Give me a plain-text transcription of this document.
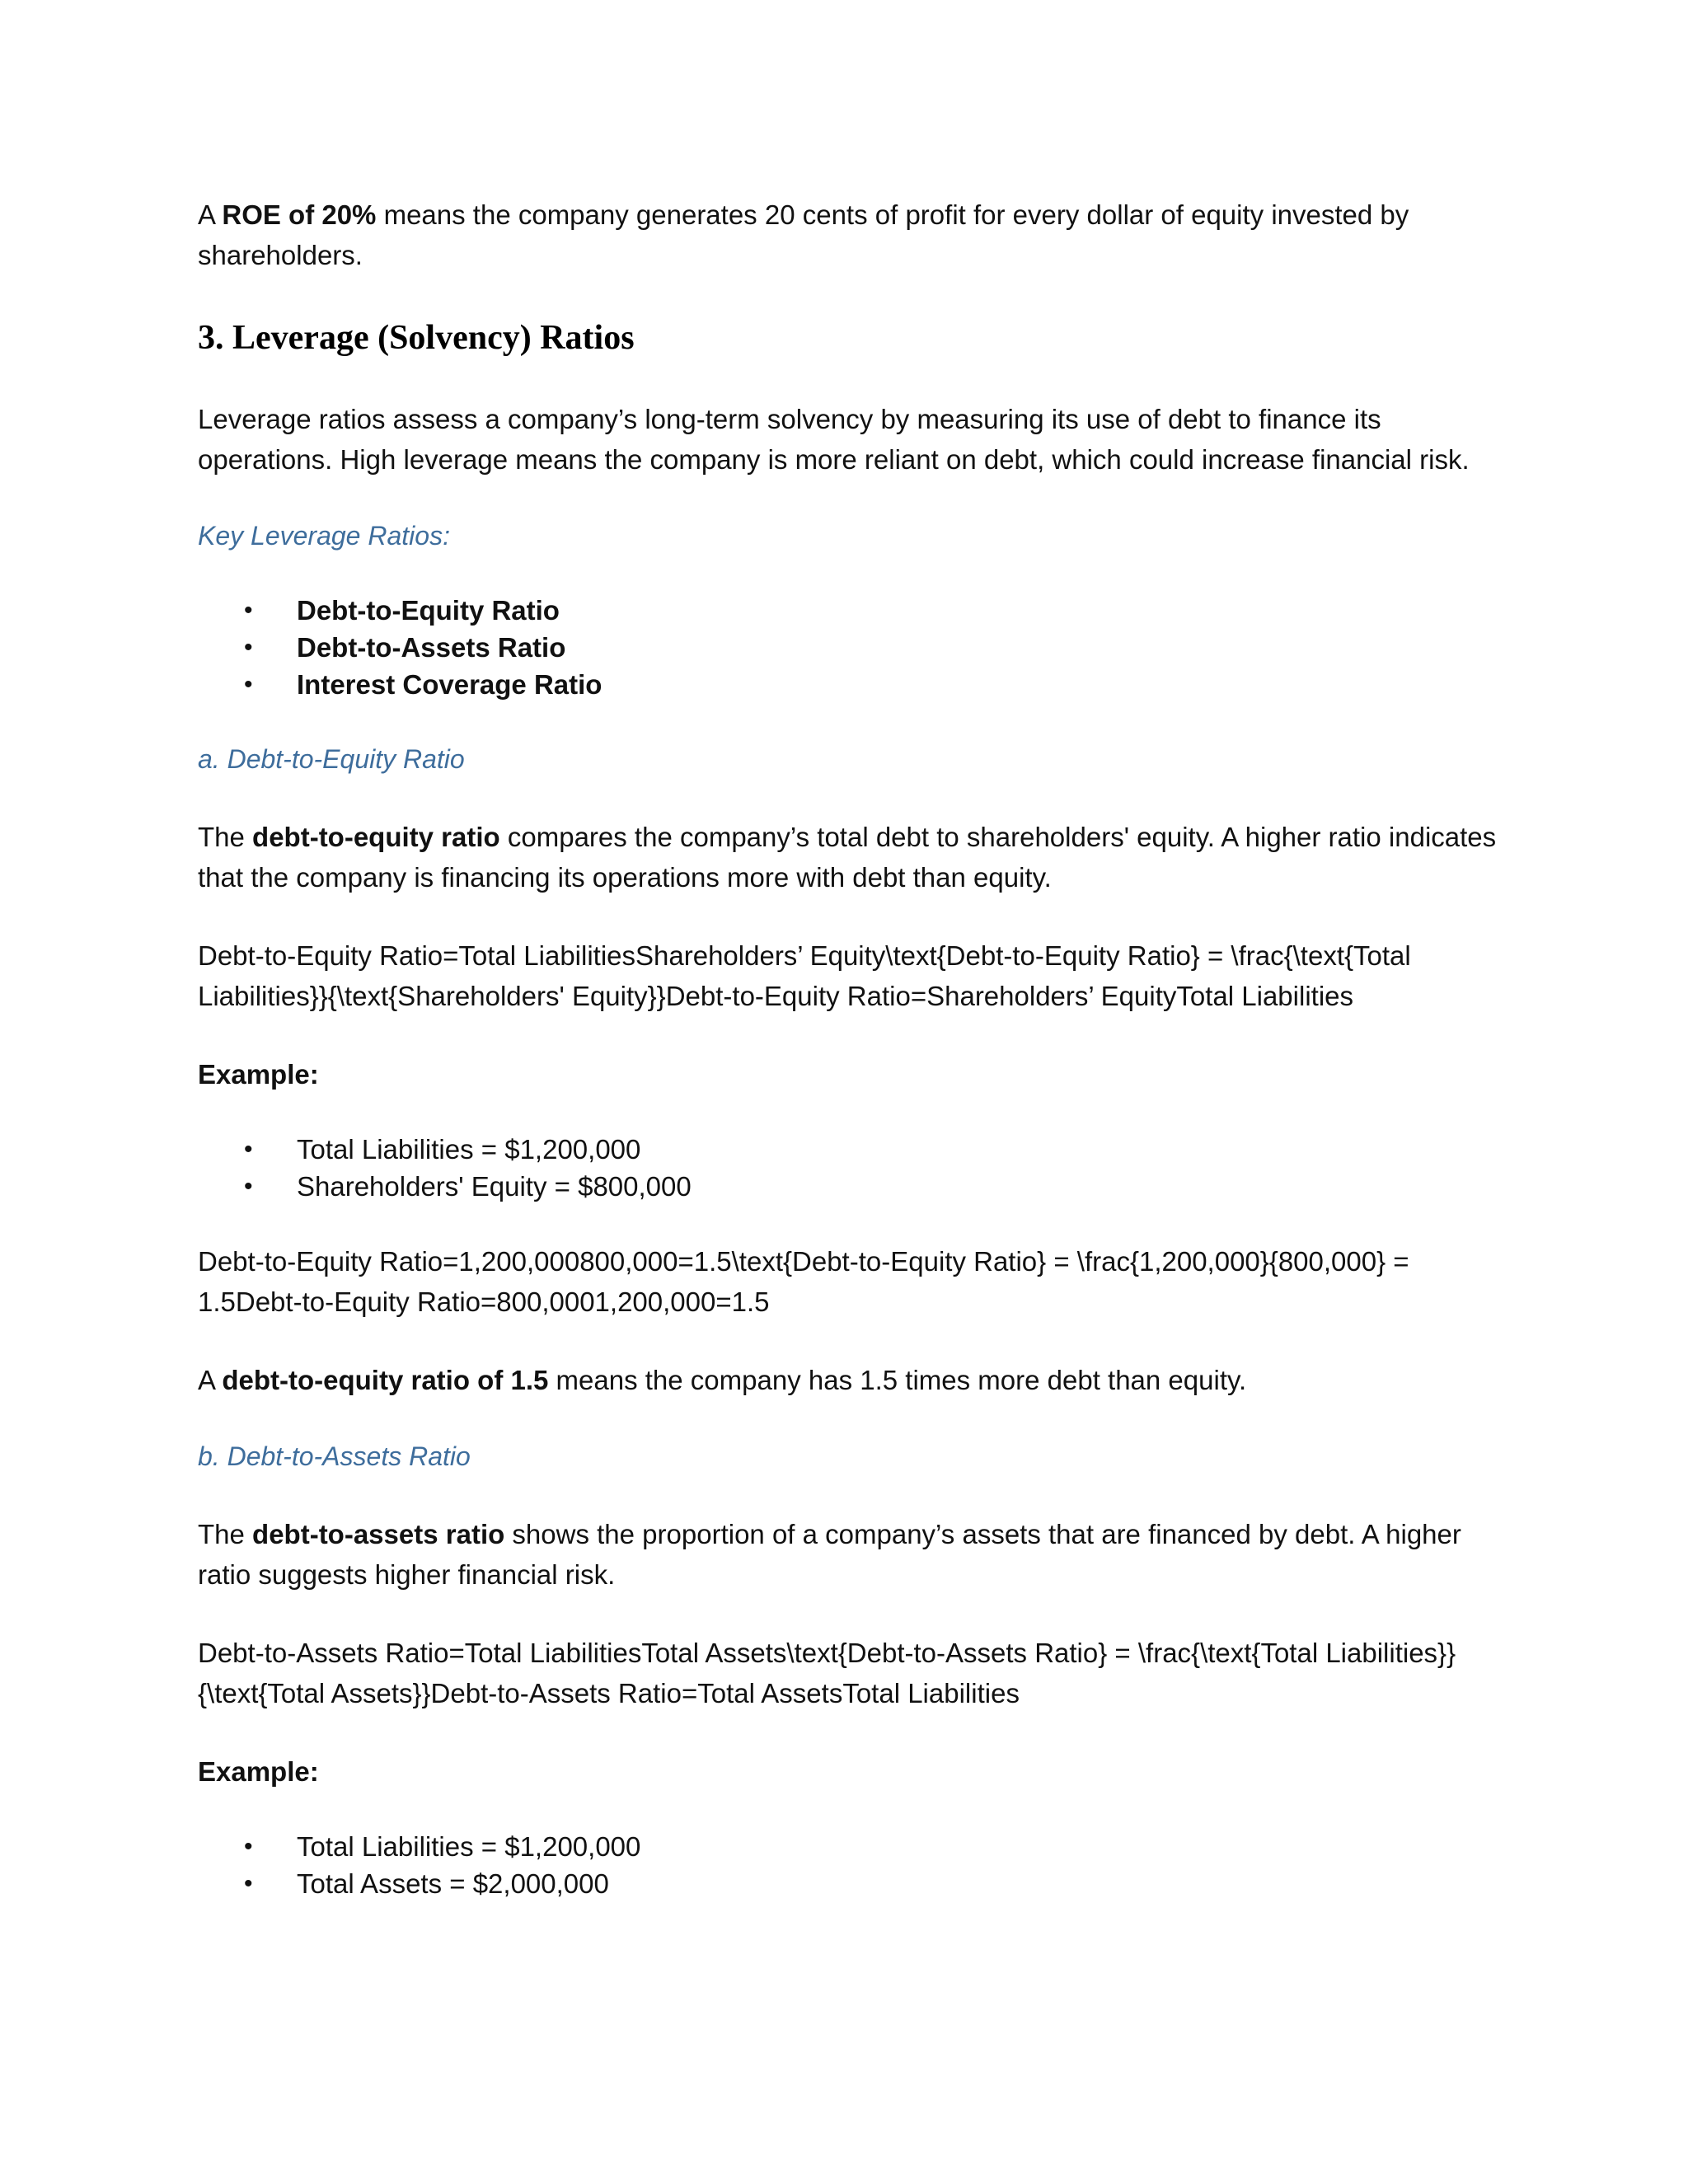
A ROE of 20% means the company generates 20 cents of profit for every dollar of equity invested by shareholders.

3. Leverage (Solvency) Ratios

Leverage ratios assess a company’s long-term solvency by measuring its use of debt to finance its operations. High leverage means the company is more reliant on debt, which could increase financial risk.

Key Leverage Ratios:

• Debt-to-Equity Ratio
• Debt-to-Assets Ratio
• Interest Coverage Ratio

a. Debt-to-Equity Ratio

The debt-to-equity ratio compares the company’s total debt to shareholders' equity. A higher ratio indicates that the company is financing its operations more with debt than equity.

Debt-to-Equity Ratio=Total LiabilitiesShareholders’ Equity\text{Debt-to-Equity Ratio} = \frac{\text{Total Liabilities}}{\text{Shareholders' Equity}}Debt-to-Equity Ratio=Shareholders’ EquityTotal Liabilities

Example:

• Total Liabilities = $1,200,000
• Shareholders' Equity = $800,000

Debt-to-Equity Ratio=1,200,000800,000=1.5\text{Debt-to-Equity Ratio} = \frac{1,200,000}{800,000} = 1.5Debt-to-Equity Ratio=800,0001,200,000=1.5

A debt-to-equity ratio of 1.5 means the company has 1.5 times more debt than equity.

b. Debt-to-Assets Ratio

The debt-to-assets ratio shows the proportion of a company’s assets that are financed by debt. A higher ratio suggests higher financial risk.

Debt-to-Assets Ratio=Total LiabilitiesTotal Assets\text{Debt-to-Assets Ratio} = \frac{\text{Total Liabilities}}{\text{Total Assets}}Debt-to-Assets Ratio=Total AssetsTotal Liabilities

Example:

• Total Liabilities = $1,200,000
• Total Assets = $2,000,000
